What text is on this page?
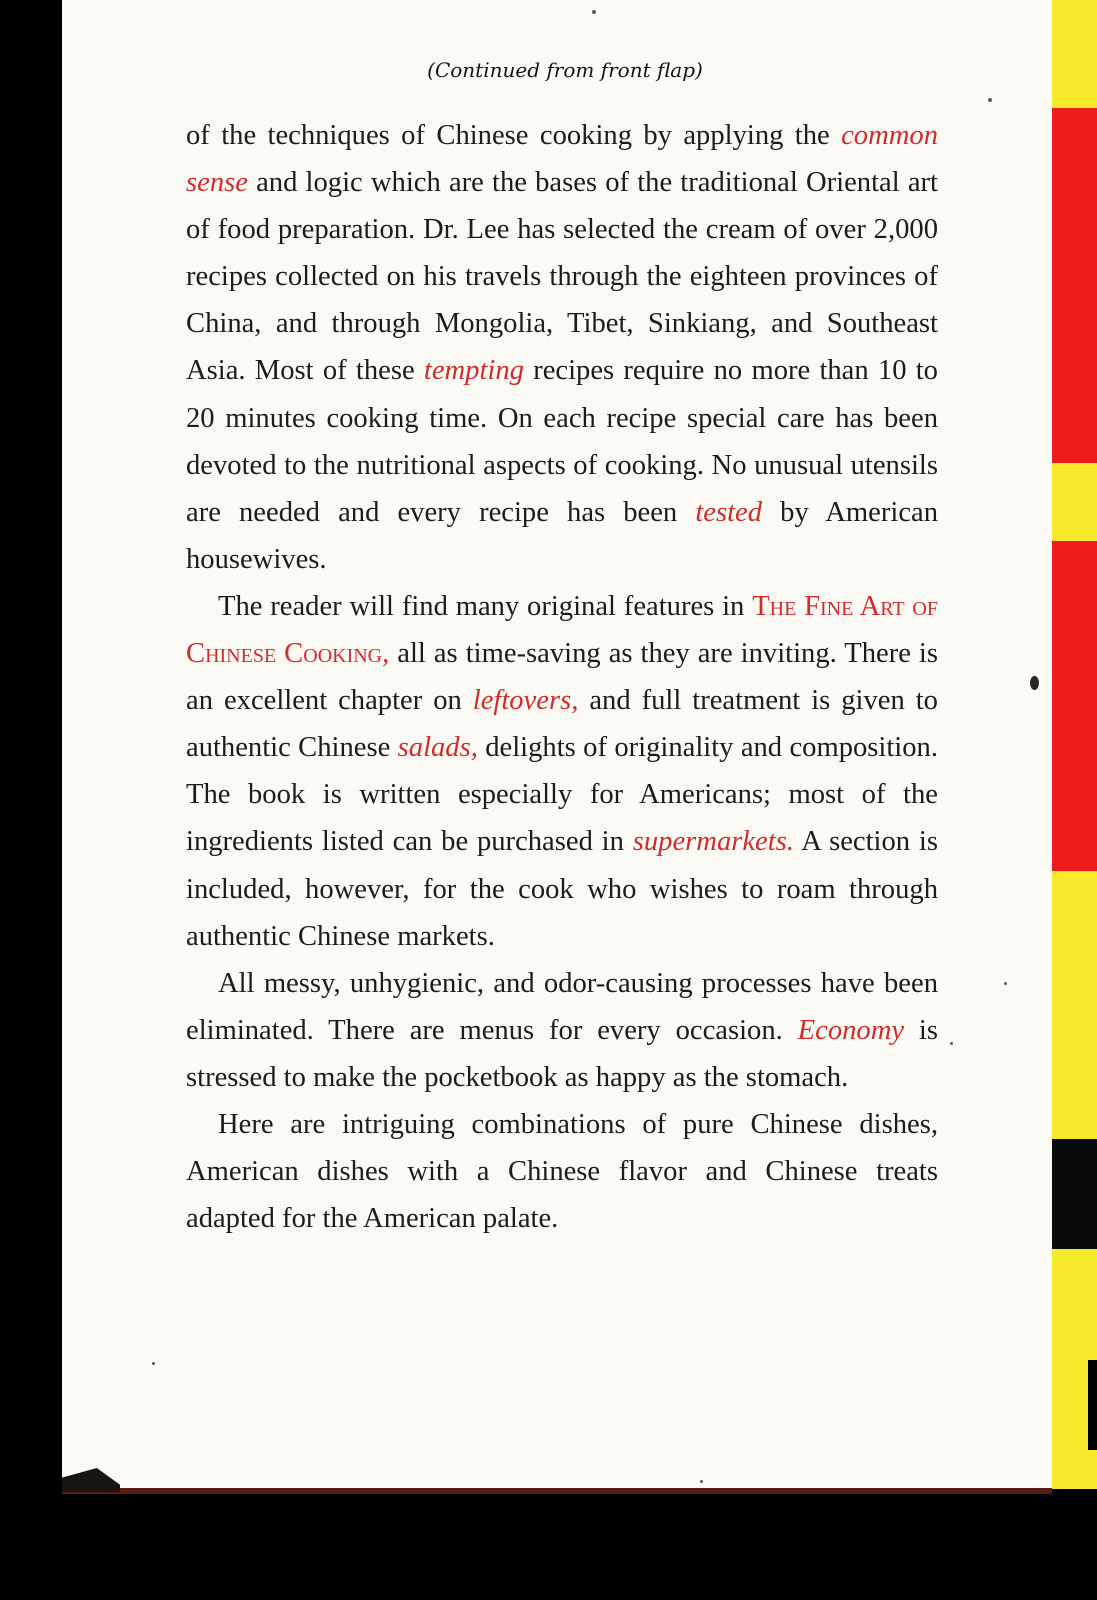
(Continued from front flap)

of the techniques of Chinese cooking by applying the common sense and logic which are the bases of the traditional Oriental art of food preparation. Dr. Lee has selected the cream of over 2,000 recipes collected on his travels through the eighteen provinces of China, and through Mongolia, Tibet, Sinkiang, and Southeast Asia. Most of these tempting recipes require no more than 10 to 20 minutes cooking time. On each recipe special care has been devoted to the nutritional aspects of cooking. No unusual utensils are needed and every recipe has been tested by American housewives.

The reader will find many original features in The Fine Art of Chinese Cooking, all as time-saving as they are inviting. There is an excellent chapter on leftovers, and full treatment is given to authentic Chinese salads, delights of originality and composition. The book is written especially for Americans; most of the ingredients listed can be purchased in supermarkets. A section is included, however, for the cook who wishes to roam through authentic Chinese markets.

All messy, unhygienic, and odor-causing processes have been eliminated. There are menus for every occasion. Economy is stressed to make the pocketbook as happy as the stomach.

Here are intriguing combinations of pure Chinese dishes, American dishes with a Chinese flavor and Chinese treats adapted for the American palate.
